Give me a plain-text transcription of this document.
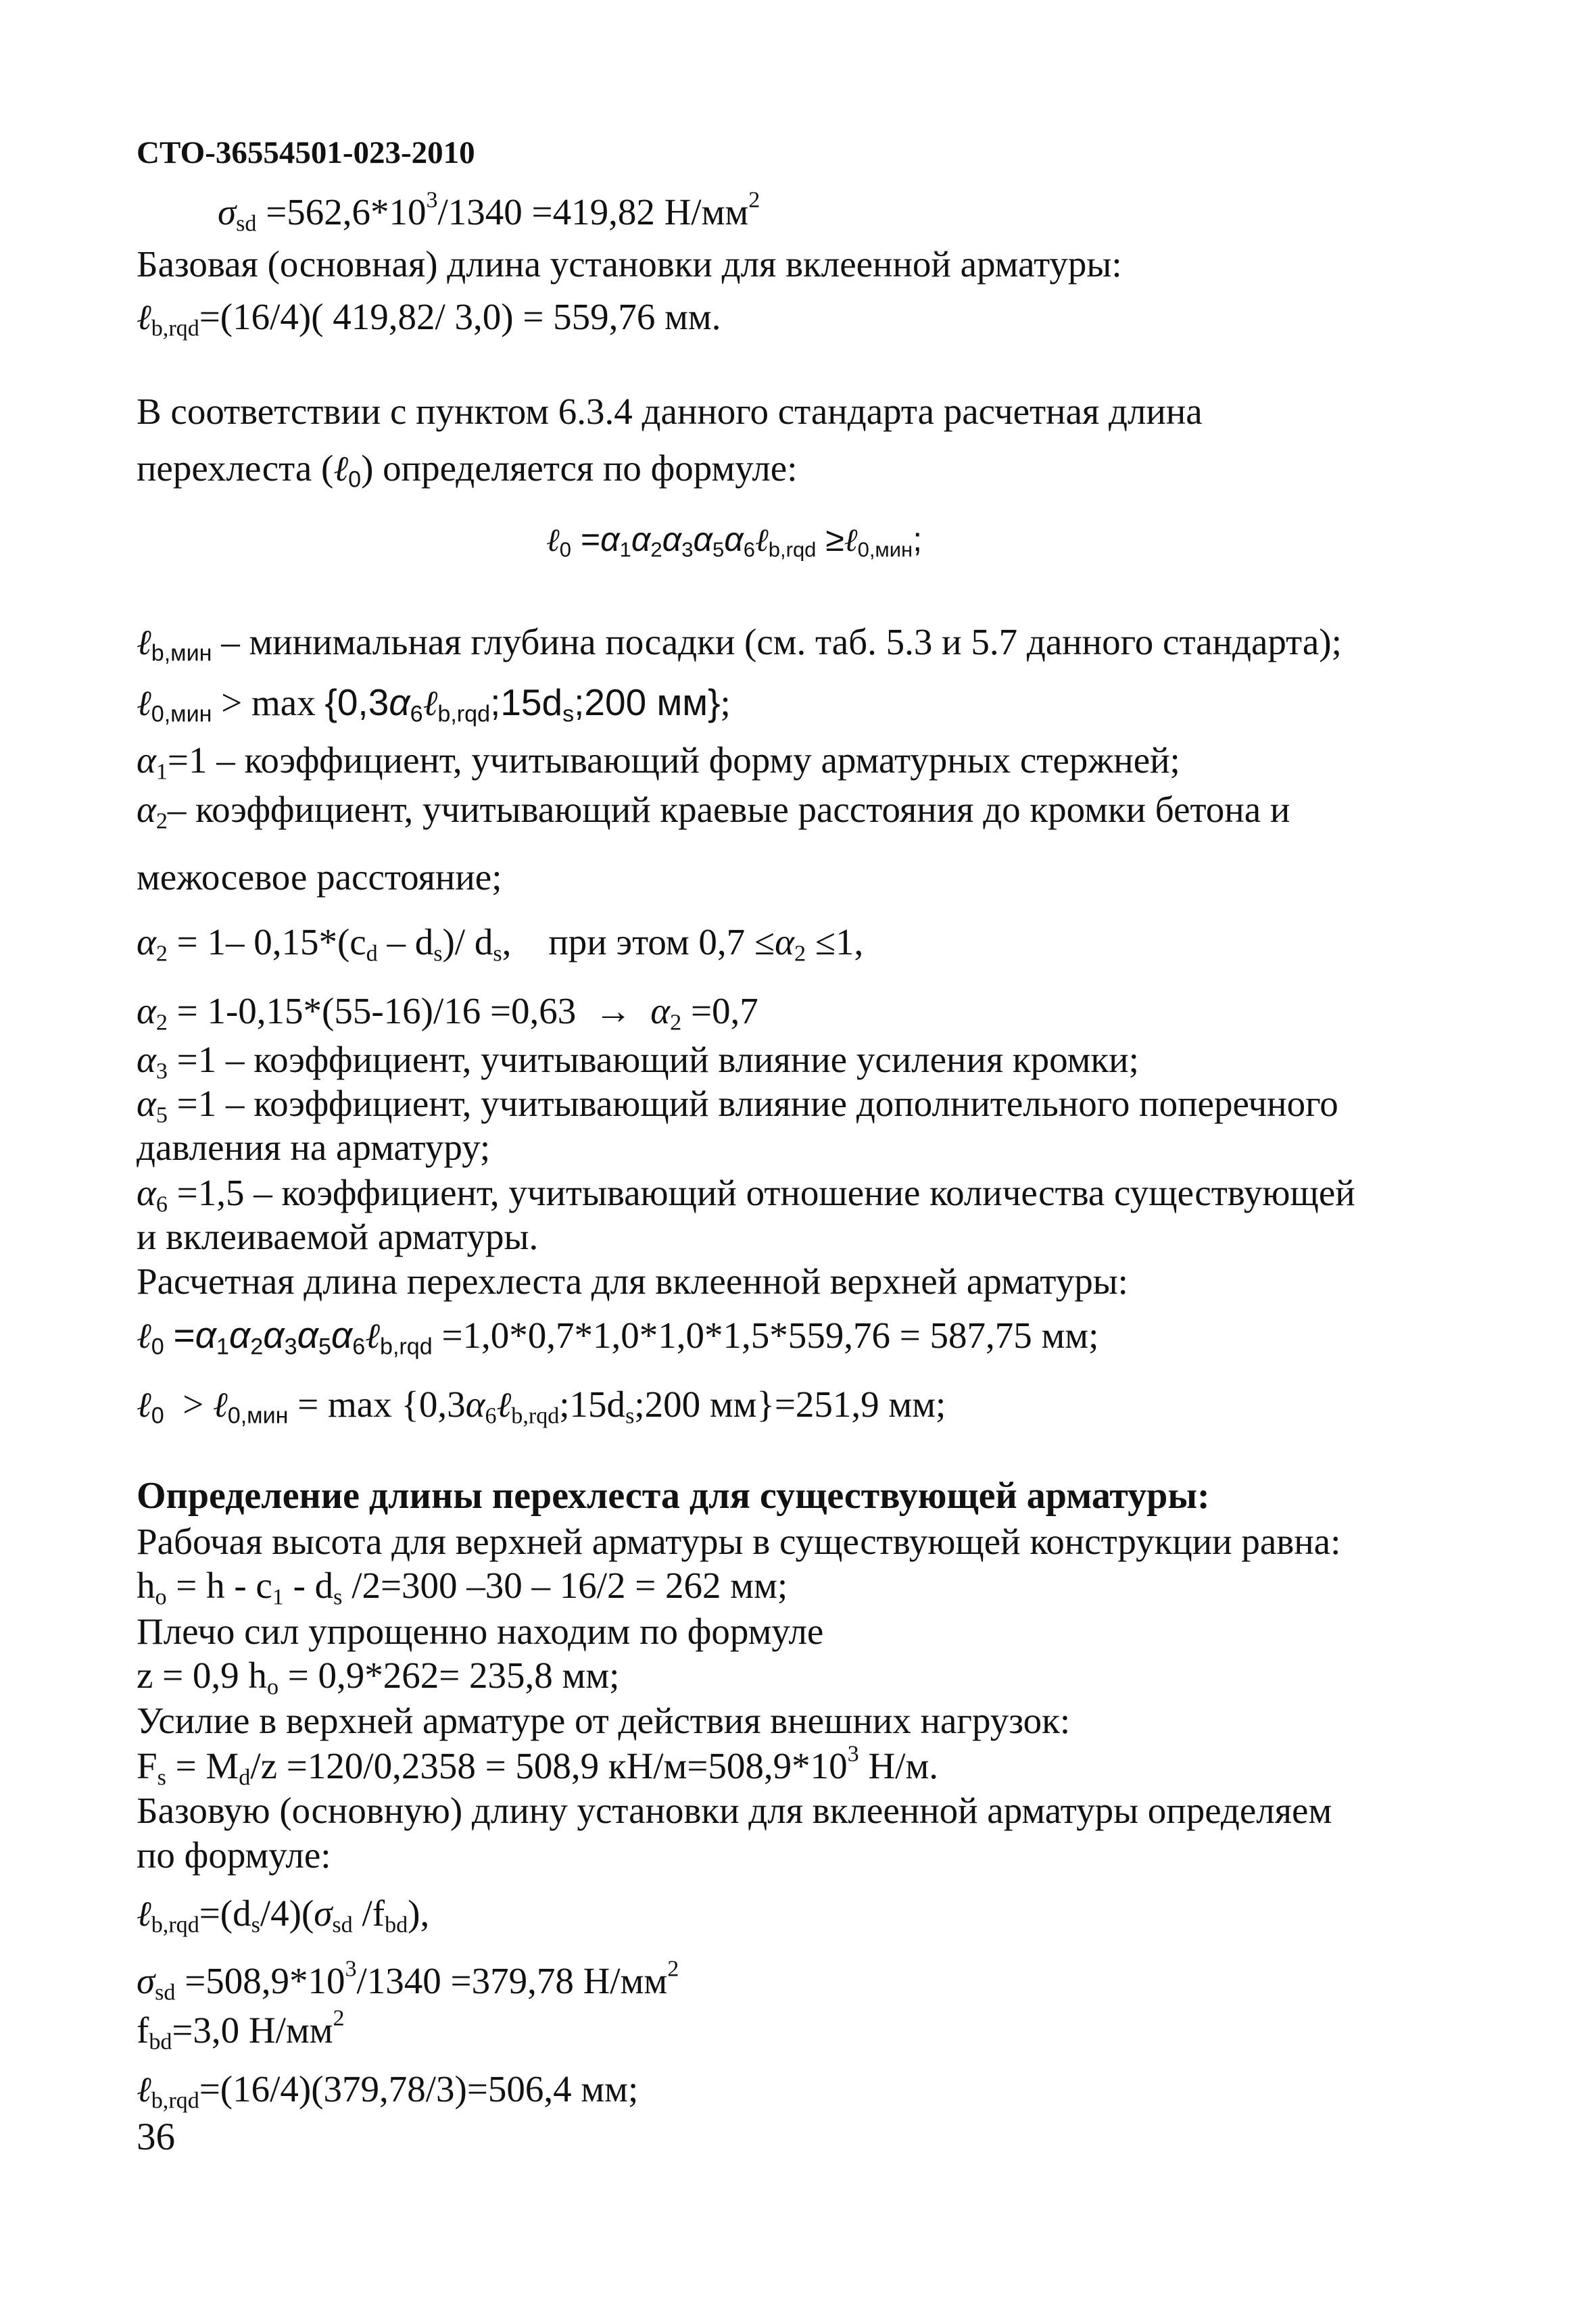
СТО-36554501-023-2010
$\sigma_{sd} =562,6*10^3/1340 =419,82$ $Н/мм^2$
Базовая (основная) длина установки для вклеенной арматуры:
ℓ$_{b,rqd}$=(16/4)( 419,82/ 3,0) = 559,76 мм.
В соответствии с пунктом 6.3.4 данного стандарта расчетная длина
перехлеста (ℓ$_0$) определяется по формуле:
ℓ$_0$ $=\alpha_1\alpha_2\alpha_3\alpha_5\alpha_6\ell_{b,rqd}$ ≥ℓ$_{0,мин}$;
ℓ$_{b,мин}$ – минимальная глубина посадки (см. таб. 5.3 и 5.7 данного стандарта);
ℓ$_{0,мин}$ > $\max \{0,3\alpha_6\ell_{b,rqd};15d_s;200$ мм};
$\alpha_1=1$ – коэффициент, учитывающий форму арматурных стержней;
$\alpha_2-$ коэффициент, учитывающий краевые расстояния до кромки бетона и
межосевое расстояние;
$\alpha_2 = 1-$ $0,15*(c_d - d_s)/$ $d_s$,    при этом $0,7 \le\alpha_2 \le 1$,
$\alpha_2 = 1-0,15*(55-16)/16 =0,63 \to \alpha_2 =0,7$
$\alpha_3 =1$ – коэффициент, учитывающий влияние усиления кромки;
$\alpha_5 =1$ – коэффициент, учитывающий влияние дополнительного поперечного
давления на арматуру;
$\alpha_6 =1,5$ – коэффициент, учитывающий отношение количества существующей
и вклеиваемой арматуры.
Расчетная длина перехлеста для вклеенной верхней арматуры:
ℓ$_0$ $=\alpha_1\alpha_2\alpha_3\alpha_5\alpha_6\ell_{b,rqd} =1,0*0,7*1,0*1,0*1,5*559,76 = 587,75$ мм;
ℓ$_0$  > ℓ$_{0,мин}$ = $\max \{0,3\alpha_6\ell_{b,rqd};15d_s;200$ мм}=251,9 мм;
Определение длины перехлеста для существующей арматуры:
Рабочая высота для верхней арматуры в существующей конструкции равна:
$h_o = h - c_1 - d_s$ /2=300 –30 – 16/2 = 262 мм;
Плечо сил упрощенно находим по формуле
z = 0,9 $h_o = 0,9*262= 235,8$ мм;
Усилие в верхней арматуре от действия внешних нагрузок:
$F_s = M_d/z =120/0,2358 = 508,9$ $кН/м=508,9*10^3$ Н/м.
Базовую (основную) длину установки для вклеенной арматуры определяем
по формуле:
$\ell_{b,rqd}=(d_s/4)(\sigma_{sd}$ $/f_{bd}$),
$\sigma_{sd} =508,9*10^3/1340 =379,78$ $Н/мм^2$
$f_{bd}=3,0$ $Н/мм^2$
ℓ$_{b,rqd}$=(16/4)(379,78/3)=506,4 мм;
36
